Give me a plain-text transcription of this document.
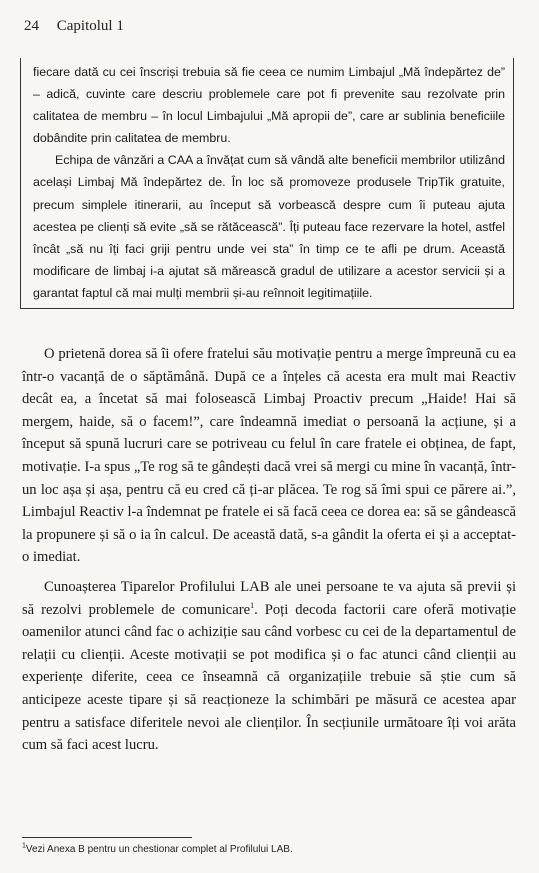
24 Capitolul 1

fiecare dată cu cei înscriși trebuia să fie ceea ce numim Limbajul „Mă îndepărtez de” – adică, cuvinte care descriu problemele care pot fi prevenite sau rezolvate prin calitatea de membru – în locul Limbajului „Mă apropii de”, care ar sublinia beneficiile dobândite prin calitatea de membru.

Echipa de vânzări a CAA a învățat cum să vândă alte beneficii membrilor utilizând același Limbaj Mă îndepărtez de. În loc să promoveze produsele TripTik gratuite, precum simplele itinerarii, au început să vorbească despre cum îi puteau ajuta acestea pe clienți să evite „să se rătăcească”. Îți puteau face rezervare la hotel, astfel încât „să nu îți faci griji pentru unde vei sta” în timp ce te afli pe drum. Această modificare de limbaj i-a ajutat să mărească gradul de utilizare a acestor servicii și a garantat faptul că mai mulți membrii și-au reînnoit legitimațiile.

O prietenă dorea să îi ofere fratelui său motivație pentru a merge împreună cu ea într-o vacanță de o săptămână. După ce a înțeles că acesta era mult mai Reactiv decât ea, a încetat să mai folosească Limbaj Proactiv precum „Haide! Hai să mergem, haide, să o facem!”, care îndeamnă imediat o persoană la acțiune, și a început să spună lucruri care se potriveau cu felul în care fratele ei obținea, de fapt, motivație. I-a spus „Te rog să te gândești dacă vrei să mergi cu mine în vacanță, într-un loc așa și așa, pentru că eu cred că ți-ar plăcea. Te rog să îmi spui ce părere ai.”, Limbajul Reactiv l-a îndemnat pe fratele ei să facă ceea ce dorea ea: să se gândească la propunere și să o ia în calcul. De această dată, s-a gândit la oferta ei și a acceptat-o imediat.

Cunoașterea Tiparelor Profilului LAB ale unei persoane te va ajuta să previi și să rezolvi problemele de comunicare$^1$. Poți decoda factorii care oferă motivație oamenilor atunci când fac o achiziție sau când vorbesc cu cei de la departamentul de relații cu clienții. Aceste motivații se pot modifica și o fac atunci când clienții au experiențe diferite, ceea ce înseamnă că organizațiile trebuie să știe cum să anticipeze aceste tipare și să reacționeze la schimbări pe măsură ce acestea apar pentru a satisface diferitele nevoi ale clienților. În secțiunile următoare îți voi arăta cum să faci acest lucru.

$^1$Vezi Anexa B pentru un chestionar complet al Profilului LAB.
